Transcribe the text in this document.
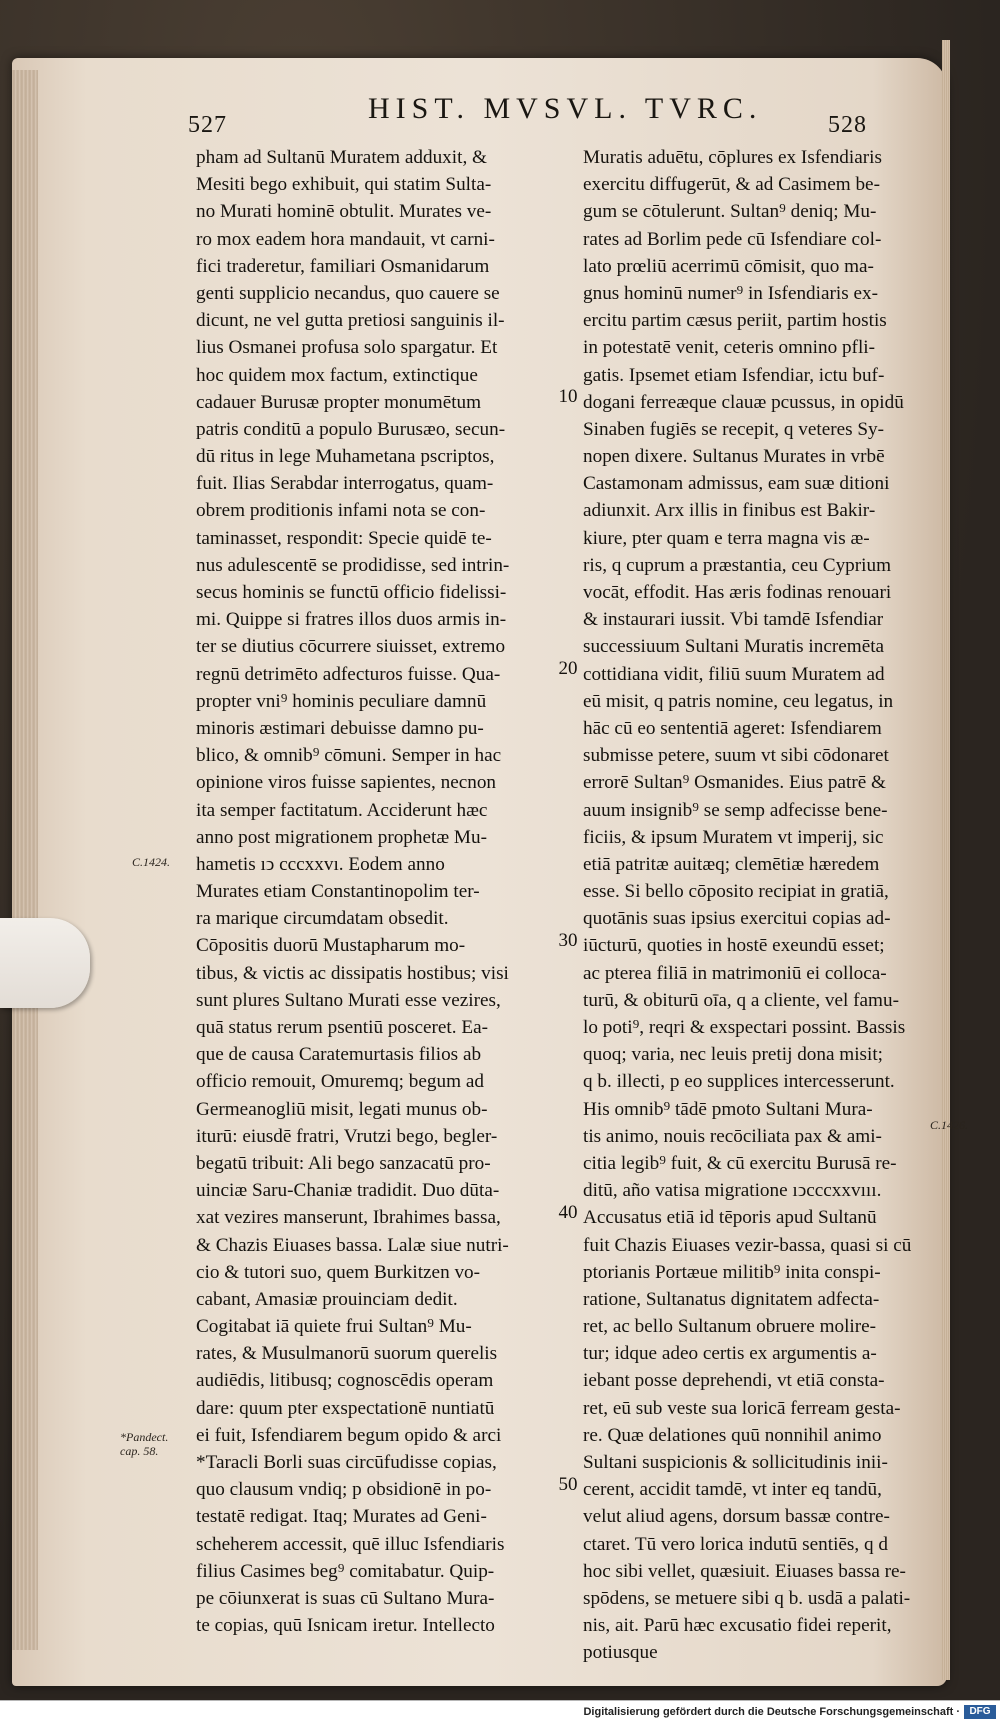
527	HIST. MVSVL. TVRC.	528
pham ad Sultanū Muratem adduxit, &
Mesiti bego exhibuit, qui statim Sulta-
no Murati hominē obtulit. Murates ve-
ro mox eadem hora mandauit, vt carni-
fici traderetur, familiari Osmanidarum
genti supplicio necandus, quo cauere se
dicunt, ne vel gutta pretiosi sanguinis il-
lius Osmanei profusa solo spargatur. Et
hoc quidem mox factum, extinctique
cadauer Burusæ propter monumētum
patris conditū a populo Burusæo, secun-
dū ritus in lege Muhametana pscriptos,
fuit. Ilias Serabdar interrogatus, quam-
obrem proditionis infami nota se con-
taminasset, respondit: Specie quidē te-
nus adulescentē se prodidisse, sed intrin-
secus hominis se functū officio fidelissi-
mi. Quippe si fratres illos duos armis in-
ter se diutius cōcurrere siuisset, extremo
regnū detrimēto adfecturos fuisse. Qua-
propter vni⁹ hominis peculiare damnū
minoris æstimari debuisse damno pu-
blico, & omnib⁹ cōmuni. Semper in hac
opinione viros fuisse sapientes, necnon
ita semper factitatum. Acciderunt hæc
anno post migrationem prophetæ Mu-
hametis ıↄ cccxxvı. Eodem anno
Murates etiam Constantinopolim ter-
ra marique circumdatam obsedit.
Cōpositis duorū Mustapharum mo-
tibus, & victis ac dissipatis hostibus; visi
sunt plures Sultano Murati esse vezires,
quā status rerum psentiū posceret. Ea-
que de causa Caratemurtasis filios ab
officio remouit, Omuremq; begum ad
Germeanogliū misit, legati munus ob-
iturū: eiusdē fratri, Vrutzi bego, begler-
begatū tribuit: Ali bego sanzacatū pro-
uinciæ Saru-Chaniæ tradidit. Duo dūta-
xat vezires manserunt, Ibrahimes bassa,
& Chazis Eiuases bassa. Lalæ siue nutri-
cio & tutori suo, quem Burkitzen vo-
cabant, Amasiæ prouinciam dedit.
Cogitabat iā quiete frui Sultan⁹ Mu-
rates, & Musulmanorū suorum querelis
audiēdis, litibusq; cognoscēdis operam
dare: quum pter exspectationē nuntiatū
ei fuit, Isfendiarem begum opido & arci
*Taracli Borli suas circūfudisse copias,
quo clausum vndiq; p obsidionē in po-
testatē redigat. Itaq; Murates ad Geni-
scheherem accessit, quē illuc Isfendiaris
filius Casimes beg⁹ comitabatur. Quip-
pe cōiunxerat is suas cū Sultano Mura-
te copias, quū Isnicam iretur. Intellecto
Muratis aduētu, cōplures ex Isfendiaris
exercitu diffugerūt, & ad Casimem be-
gum se cōtulerunt. Sultan⁹ deniq; Mu-
rates ad Borlim pede cū Isfendiare col-
lato prœliū acerrimū cōmisit, quo ma-
gnus hominū numer⁹ in Isfendiaris ex-
ercitu partim cæsus periit, partim hostis
in potestatē venit, ceteris omnino pfli-
gatis. Ipsemet etiam Isfendiar, ictu buf-
dogani ferreæque clauæ pcussus, in opidū
Sinaben fugiēs se recepit, q veteres Sy-
nopen dixere. Sultanus Murates in vrbē
Castamonam admissus, eam suæ ditioni
adiunxit. Arx illis in finibus est Bakir-
kiure, pter quam e terra magna vis æ-
ris, q cuprum a præstantia, ceu Cyprium
vocāt, effodit. Has æris fodinas renouari
& instaurari iussit. Vbi tamdē Isfendiar
successiuum Sultani Muratis incremēta
cottidiana vidit, filiū suum Muratem ad
eū misit, q patris nomine, ceu legatus, in
hāc cū eo sententiā ageret: Isfendiarem
submisse petere, suum vt sibi cōdonaret
errorē Sultan⁹ Osmanides. Eius patrē &
auum insignib⁹ se semp adfecisse bene-
ficiis, & ipsum Muratem vt imperij, sic
etiā patritæ auitæq; clemētiæ hæredem
esse. Si bello cōposito recipiat in gratiā,
quotānis suas ipsius exercitui copias ad-
iūcturū, quoties in hostē exeundū esset;
ac pterea filiā in matrimoniū ei colloca-
turū, & obiturū oīa, q a cliente, vel famu-
lo poti⁹, reqri & exspectari possint. Bassis
quoq; varia, nec leuis pretij dona misit;
q b. illecti, p eo supplices intercesserunt.
His omnib⁹ tādē pmoto Sultani Mura-
tis animo, nouis recōciliata pax & ami-
citia legib⁹ fuit, & cū exercitu Burusā re-
ditū, año vatisa migratione ıↄcccxxvııı.
Accusatus etiā id tēporis apud Sultanū
fuit Chazis Eiuases vezir-bassa, quasi si cū
ptorianis Portæue militib⁹ inita conspi-
ratione, Sultanatus dignitatem adfecta-
ret, ac bello Sultanum obruere molire-
tur; idque adeo certis ex argumentis a-
iebant posse deprehendi, vt etiā consta-
ret, eū sub veste sua loricā ferream gesta-
re. Quæ delationes quū nonnihil animo
Sultani suspicionis & sollicitudinis inii-
cerent, accidit tamdē, vt inter eq tandū,
velut aliud agens, dorsum bassæ contre-
ctaret. Tū vero lorica indutū sentiēs, q d
hoc sibi vellet, quæsiuit. Eiuases bassa re-
spōdens, se metuere sibi q b. usdā a palati-
nis, ait. Parū hæc excusatio fidei reperit,
potiusque
10
20
30
40
50
C.1424.
*Pandect. cap. 58.
C.1426.
Digitalisierung gefördert durch die Deutsche Forschungsgemeinschaft · DFG
